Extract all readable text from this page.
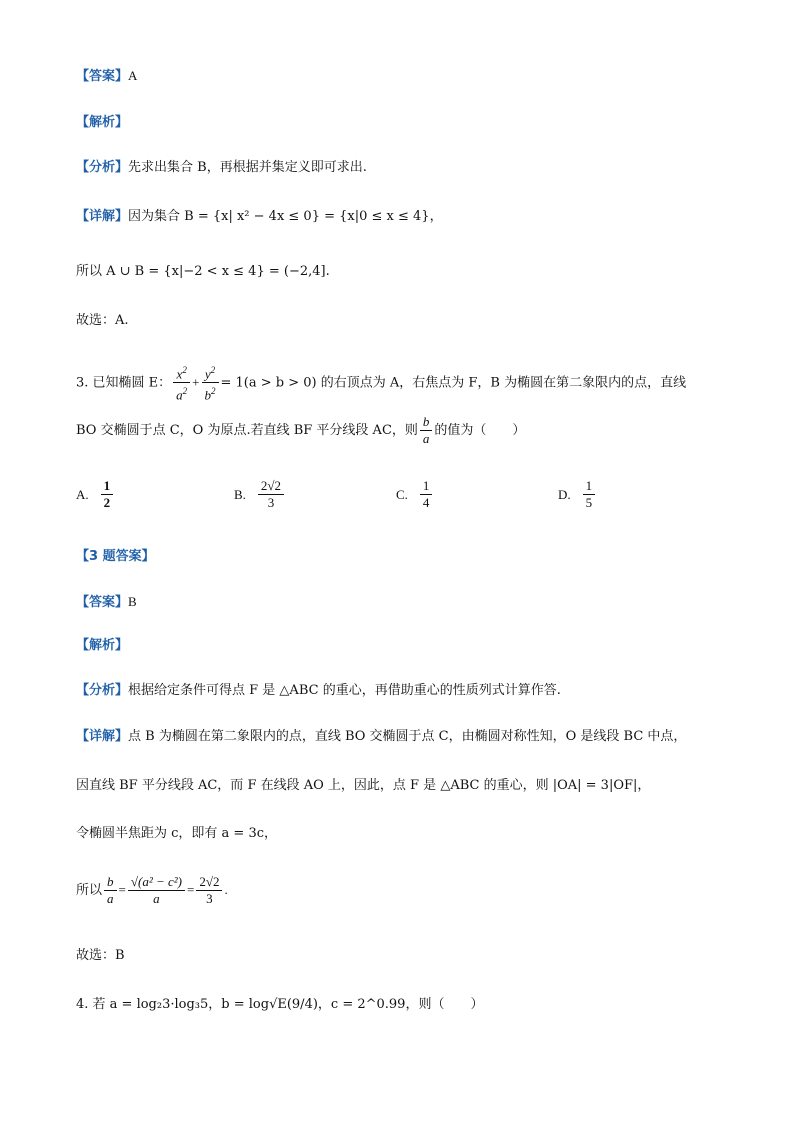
【答案】A
【解析】
【分析】先求出集合 B，再根据并集定义即可求出.
【详解】因为集合 B = {x| x² − 4x ≤ 0} = {x|0 ≤ x ≤ 4}，
所以 A ∪ B = {x|−2 < x ≤ 4} = (−2,4].
故选：A.
3. 已知椭圆 E： $\frac{x^2}{a^2} + \frac{y^2}{b^2} = 1(a > b > 0)$ 的右顶点为 A，右焦点为 F，B 为椭圆在第二象限内的点，直线
BO 交椭圆于点 C，O 为原点.若直线 BF 平分线段 AC，则 $\frac{b}{a}$ 的值为（　　）
A. $\frac{1}{2}$	B. $\frac{2√2}{3}$	C. $\frac{1}{4}$	D. $\frac{1}{5}$
【3 题答案】
【答案】B
【解析】
【分析】根据给定条件可得点 F 是 △ABC 的重心，再借助重心的性质列式计算作答.
【详解】点 B 为椭圆在第二象限内的点，直线 BO 交椭圆于点 C，由椭圆对称性知，O 是线段 BC 中点，
因直线 BF 平分线段 AC，而 F 在线段 AO 上，因此，点 F 是 △ABC 的重心，则 |OA| = 3|OF|，
令椭圆半焦距为 c，即有 a = 3c，
所以 $\frac{b}{a} = \frac{\text{√(a² − c²)}}{a} = \frac{2√2}{3}$ .
故选：B
4. 若 a = log₂3·log₃5，b = log√E(9/4)，c = 2^0.99，则（　　）
